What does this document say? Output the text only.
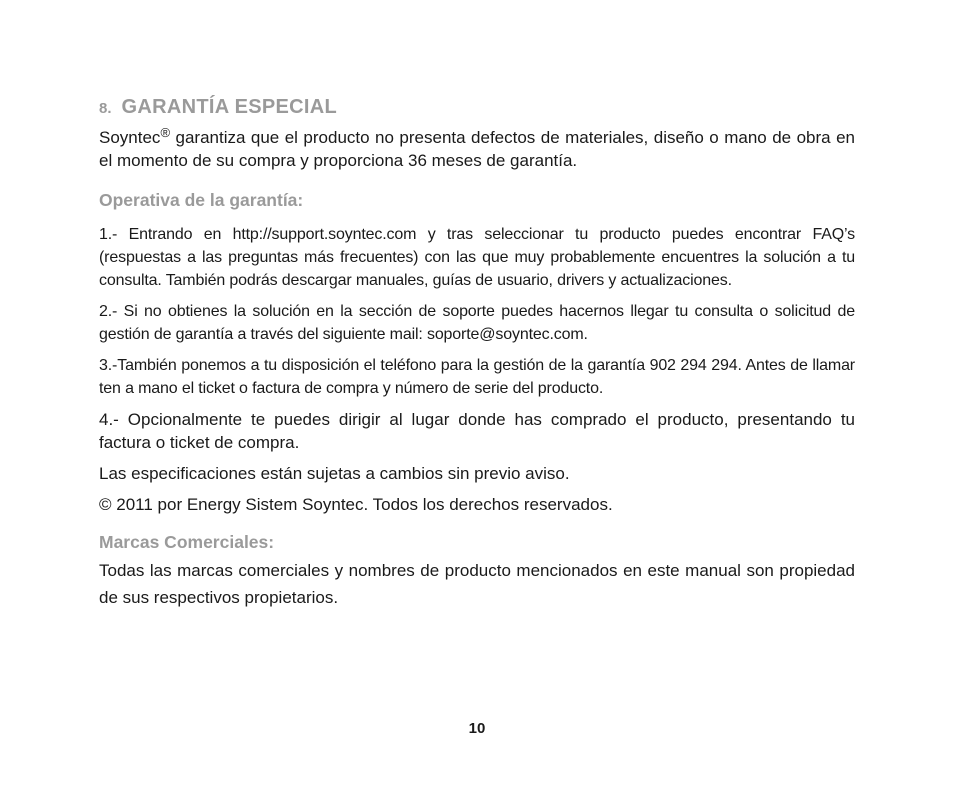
8. GARANTÍA ESPECIAL

Soyntec® garantiza que el producto no presenta defectos de materiales, diseño o mano de obra en el momento de su compra y proporciona 36 meses de garantía.

Operativa de la garantía:

1.- Entrando en http://support.soyntec.com y tras seleccionar tu producto puedes encontrar FAQ’s (respuestas a las preguntas más frecuentes) con las que muy probablemente encuentres la solución a tu consulta. También podrás descargar manuales, guías de usuario, drivers y actualizaciones.

2.- Si no obtienes la solución en la sección de soporte puedes hacernos llegar tu consulta o solicitud de gestión de garantía a través del siguiente mail: soporte@soyntec.com.

3.-También ponemos a tu disposición el teléfono para la gestión de la garantía 902 294 294. Antes de llamar ten a mano el ticket o factura de compra y número de serie del producto.

4.- Opcionalmente te puedes dirigir al lugar donde has comprado el producto, presentando tu factura o ticket de compra.

Las especificaciones están sujetas a cambios sin previo aviso.

© 2011 por Energy Sistem Soyntec. Todos los derechos reservados.

Marcas Comerciales:

Todas las marcas comerciales y nombres de producto mencionados en este manual son propiedad de sus respectivos propietarios.

10
